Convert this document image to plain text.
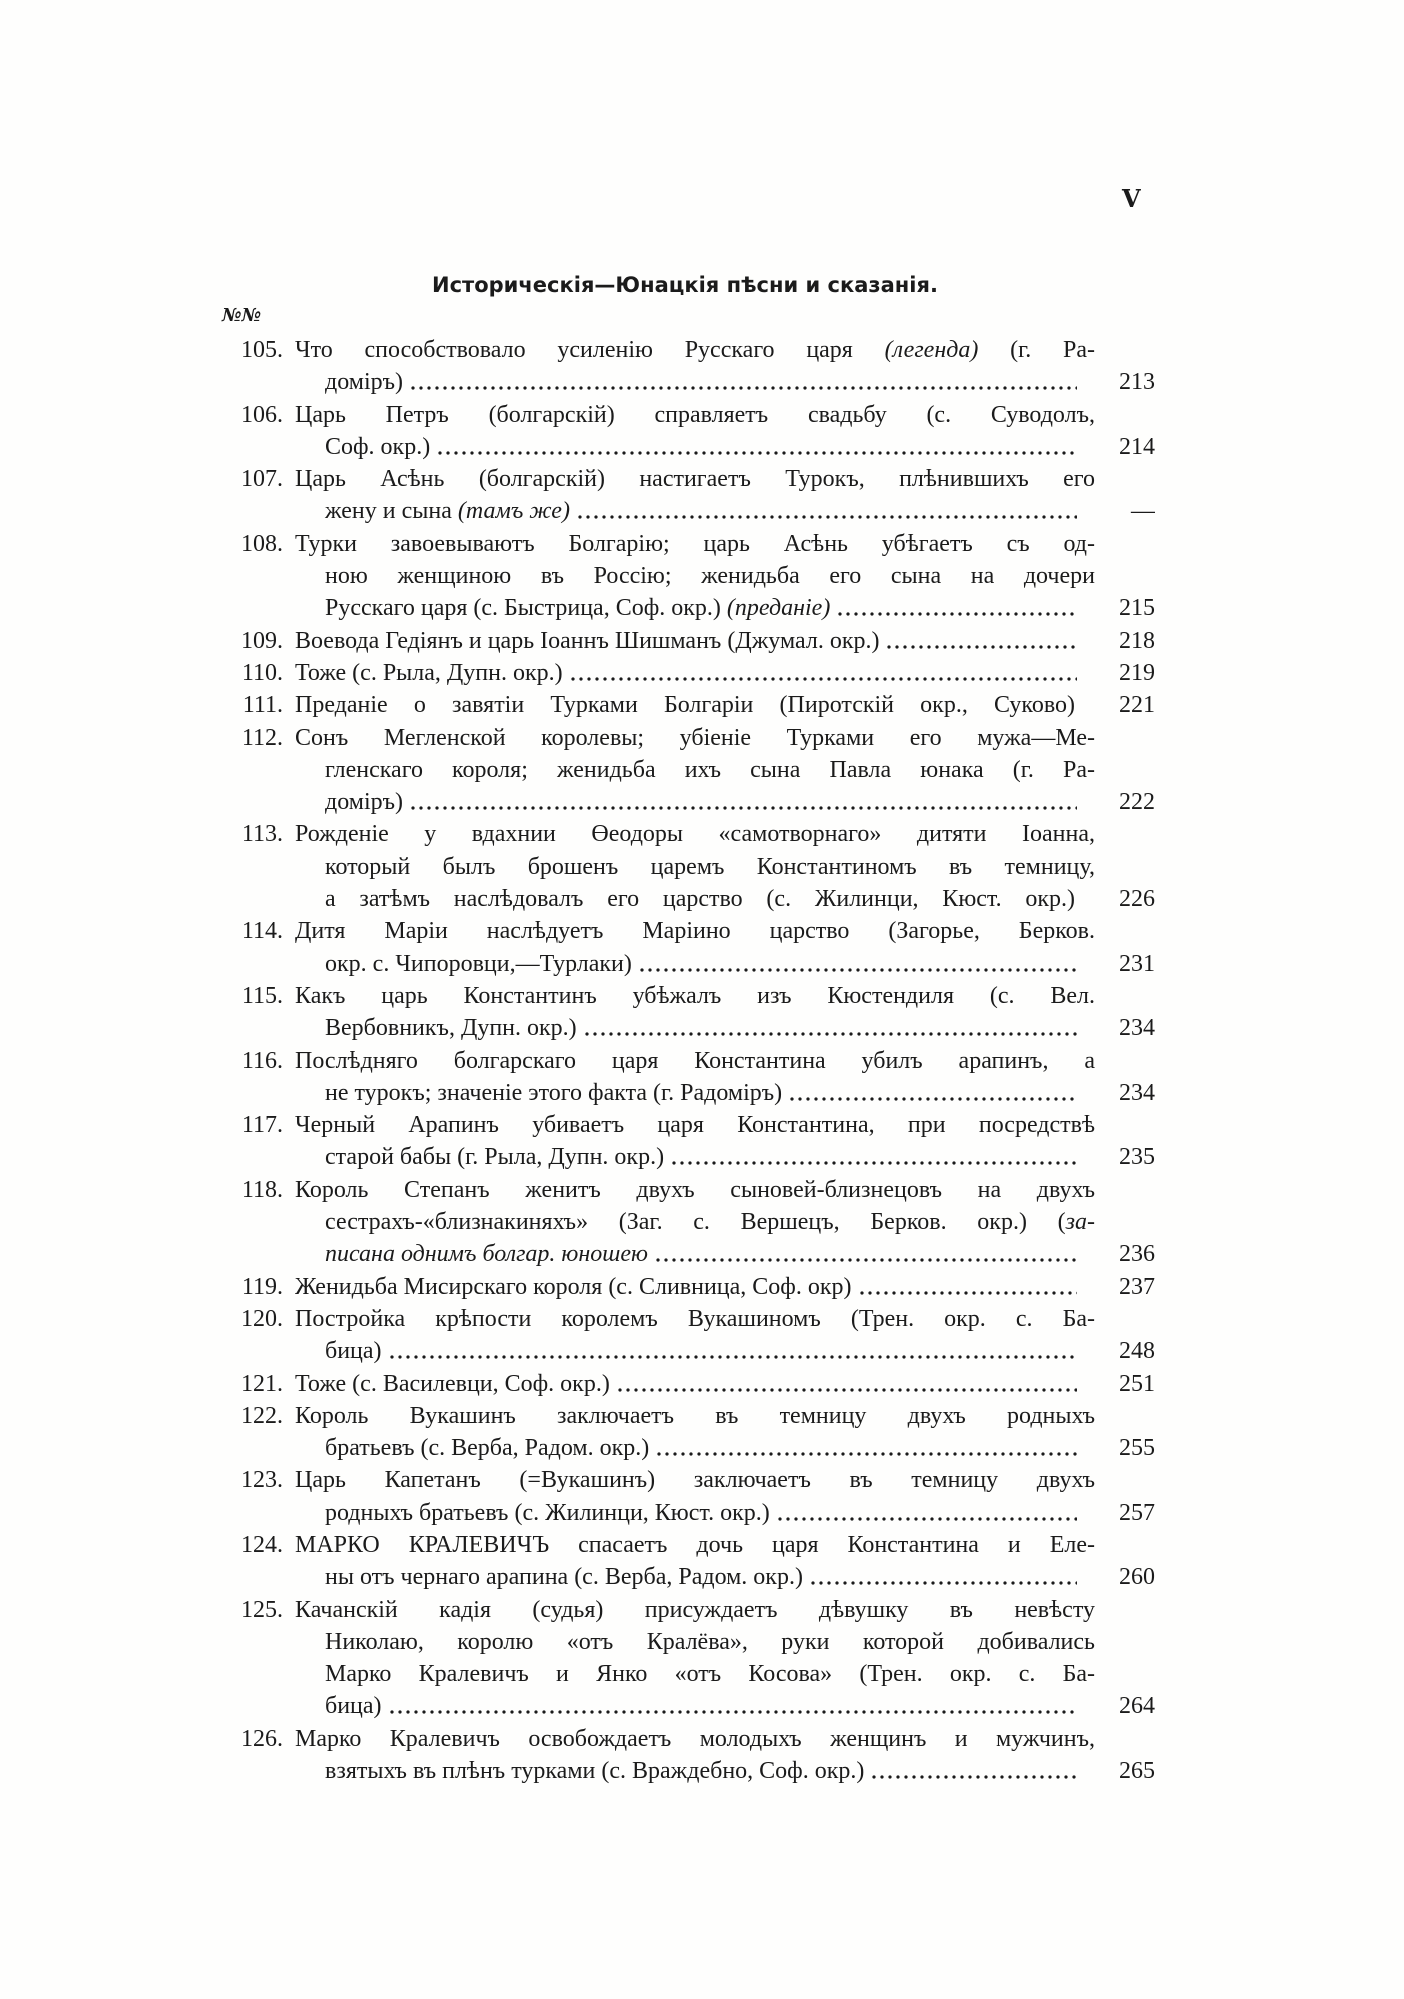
V
Историческія—Юнацкія пѣсни и сказанія.
№№
105. Что способствовало усиленію Русскаго царя (легенда) (г. Ра-
доміръ)	213
106. Царь Петръ (болгарскій) справляетъ свадьбу (с. Суводолъ,
Соф. окр.)	214
107. Царь Асѣнь (болгарскій) настигаетъ Турокъ, плѣнившихъ его
жену и сына (тамъ же)	—
108. Турки завоевываютъ Болгарію; царь Асѣнь убѣгаетъ съ од-
ною женщиною въ Россію; женидьба его сына на дочери
Русскаго царя (с. Быстрица, Соф. окр.) (преданіе)	215
109. Воевода Гедіянъ и царь Іоаннъ Шишманъ (Джумал. окр.)	218
110. Тоже (с. Рыла, Дупн. окр.)	219
111. Преданіе о завятіи Турками Болгаріи (Пиротскій окр., Суково)	221
112. Сонъ Мегленской королевы; убіеніе Турками его мужа—Ме-
гленскаго короля; женидьба ихъ сына Павла юнака (г. Ра-
доміръ)	222
113. Рожденіе у вдахнии Өеодоры «самотворнаго» дитяти Іоанна,
который былъ брошенъ царемъ Константиномъ въ темницу,
а затѣмъ наслѣдовалъ его царство (с. Жилинци, Кюст. окр.)	226
114. Дитя Маріи наслѣдуетъ Маріино царство (Загорье, Берков.
окр. с. Чипоровци,—Турлаки)	231
115. Какъ царь Константинъ убѣжалъ изъ Кюстендиля (с. Вел.
Вербовникъ, Дупн. окр.)	234
116. Послѣдняго болгарскаго царя Константина убилъ арапинъ, а
не турокъ; значеніе этого факта (г. Радоміръ)	234
117. Черный Арапинъ убиваетъ царя Константина, при посредствѣ
старой бабы (г. Рыла, Дупн. окр.)	235
118. Король Степанъ женитъ двухъ сыновей-близнецовъ на двухъ
сестрахъ-«близнакиняхъ» (Заг. с. Вершецъ, Берков. окр.) (за-
писана однимъ болгар. юношею	236
119. Женидьба Мисирскаго короля (с. Сливница, Соф. окр)	237
120. Постройка крѣпости королемъ Вукашиномъ (Трен. окр. с. Ба-
бица)	248
121. Тоже (с. Василевци, Соф. окр.)	251
122. Король Вукашинъ заключаетъ въ темницу двухъ родныхъ
братьевъ (с. Верба, Радом. окр.)	255
123. Царь Капетанъ (=Вукашинъ) заключаетъ въ темницу двухъ
родныхъ братьевъ (с. Жилинци, Кюст. окр.)	257
124. МАРКО КРАЛЕВИЧЪ спасаетъ дочь царя Константина и Еле-
ны отъ чернаго арапина (с. Верба, Радом. окр.)	260
125. Качанскій кадія (судья) присуждаетъ дѣвушку въ невѣсту
Николаю, королю «отъ Кралёва», руки которой добивались
Марко Кралевичъ и Янко «отъ Косова» (Трен. окр. с. Ба-
бица)	264
126. Марко Кралевичъ освобождаетъ молодыхъ женщинъ и мужчинъ,
взятыхъ въ плѣнъ турками (с. Враждебно, Соф. окр.)	265
